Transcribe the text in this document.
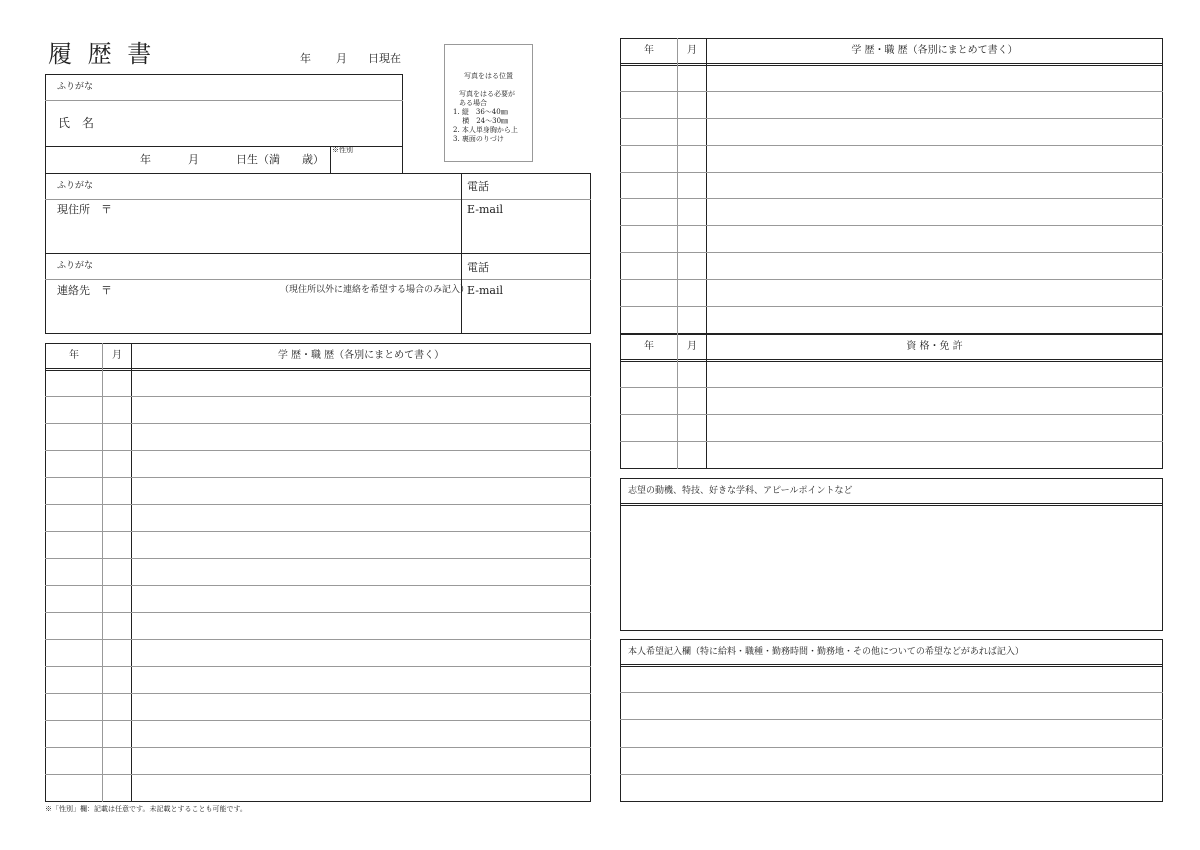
履 歴 書	年 月 日現在
写真をはる位置
写真をはる必要が
ある場合
1. 縦　36〜40㎜
　 横　24〜30㎜
2. 本人単身胸から上
3. 裏面のりづけ
ふりがな
氏　名
年	月	日生（満 歳）
※性別
ふりがな
現住所　〒
電話
E-mail
ふりがな
連絡先　〒	（現住所以外に連絡を希望する場合のみ記入）
電話
E-mail
年	月	学 歴・職 歴（各別にまとめて書く）
※「性別」欄：記載は任意です。未記載とすることも可能です。
年	月	学 歴・職 歴（各別にまとめて書く）
年	月	資 格・免 許
志望の動機、特技、好きな学科、アピールポイントなど
本人希望記入欄（特に給料・職種・勤務時間・勤務地・その他についての希望などがあれば記入）
